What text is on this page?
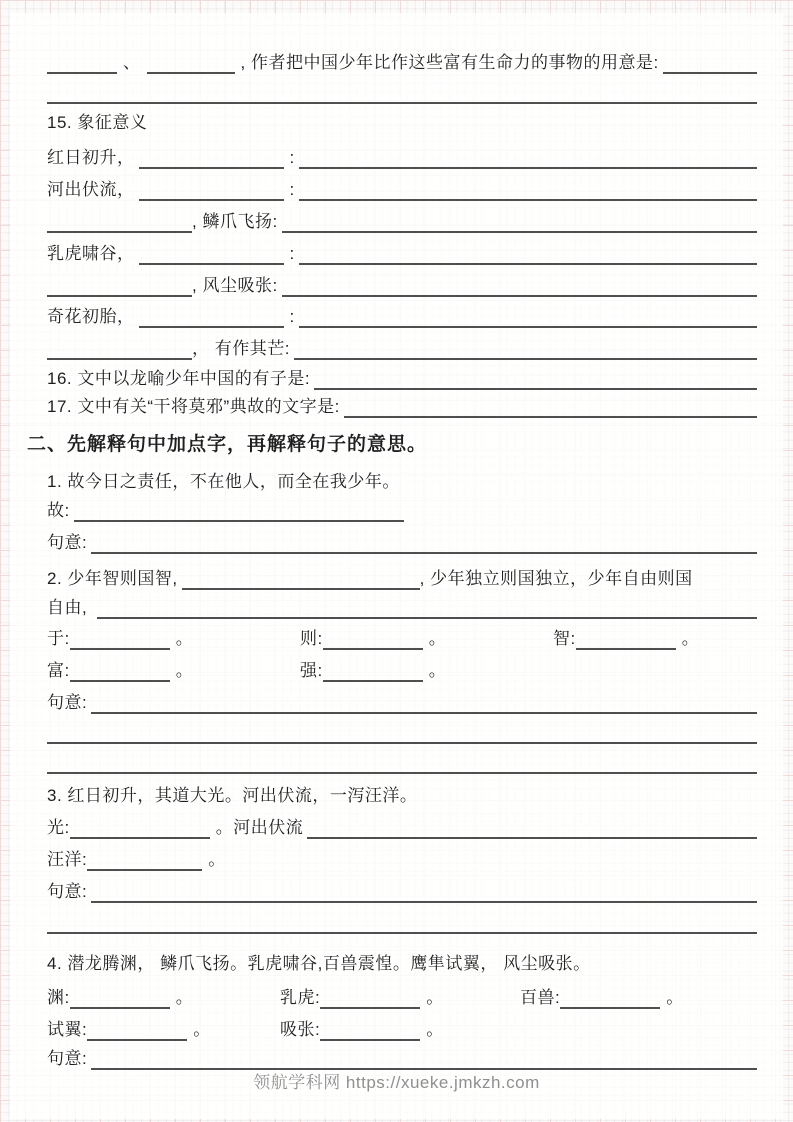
、	, 作者把中国少年比作这些富有生命力的事物的用意是:
15. 象征意义
红日初升，	:
河出伏流，	:
, 鳞爪飞扬:
乳虎啸谷，	:
, 风尘吸张:
奇花初胎，	:
， 有作其芒:
16. 文中以龙喻少年中国的有子是:
17. 文中有关“干将莫邪”典故的文字是:
二、先解释句中加点字，再解释句子的意思。
1. 故今日之责任，不在他人，而全在我少年。
故:
句意:
2. 少年智则国智,	, 少年独立则国独立，少年自由则国
自由,
于:	。	则:	。	智:	。
富:	。	强:	。
句意:
3. 红日初升，其道大光。河出伏流，一泻汪洋。
光:	。河出伏流
汪洋:	。
句意:
4. 潜龙腾渊， 鳞爪飞扬。乳虎啸谷,百兽震惶。鹰隼试翼， 风尘吸张。
渊:	。	乳虎:	。	百兽:	。
试翼:	。	吸张:	。
句意:
领航学科网 https://xueke.jmkzh.com
